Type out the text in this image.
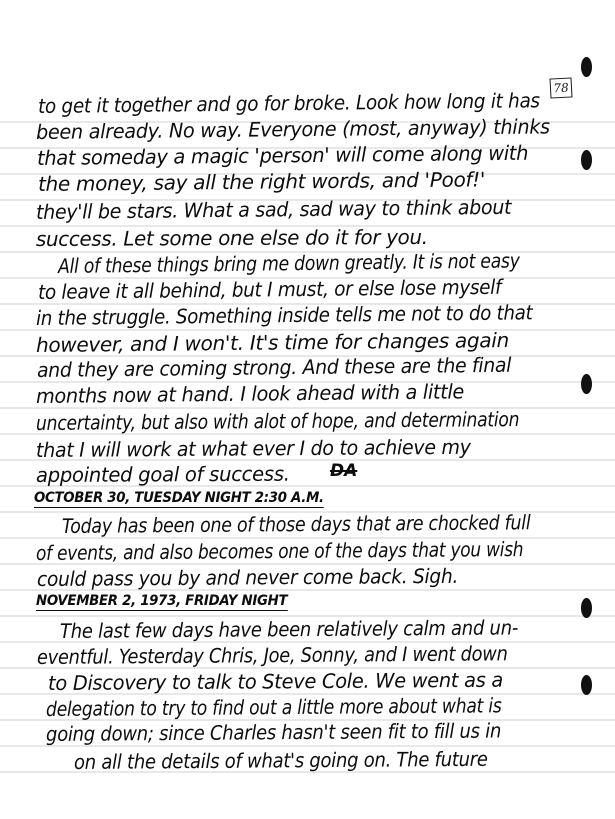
78
to get it together and go for broke. Look how long it has
been already. No way. Everyone (most, anyway) thinks
that someday a magic 'person' will come along with
the money, say all the right words, and 'Poof!'
they'll be stars. What a sad, sad way to think about
success. Let some one else do it for you.
All of these things bring me down greatly. It is not easy
to leave it all behind, but I must, or else lose myself
in the struggle. Something inside tells me not to do that
however, and I won't. It's time for changes again
and they are coming strong. And these are the final
months now at hand. I look ahead with a little
uncertainty, but also with alot of hope, and determination
that I will work at what ever I do to achieve my
appointed goal of success. DA
OCTOBER 30, TUESDAY NIGHT 2:30 A.M.
Today has been one of those days that are chocked full
of events, and also becomes one of the days that you wish
could pass you by and never come back. Sigh.
NOVEMBER 2, 1973, FRIDAY NIGHT
The last few days have been relatively calm and un-
eventful. Yesterday Chris, Joe, Sonny, and I went down
to Discovery to talk to Steve Cole. We went as a
delegation to try to find out a little more about what is
going down; since Charles hasn't seen fit to fill us in
on all the details of what's going on. The future
